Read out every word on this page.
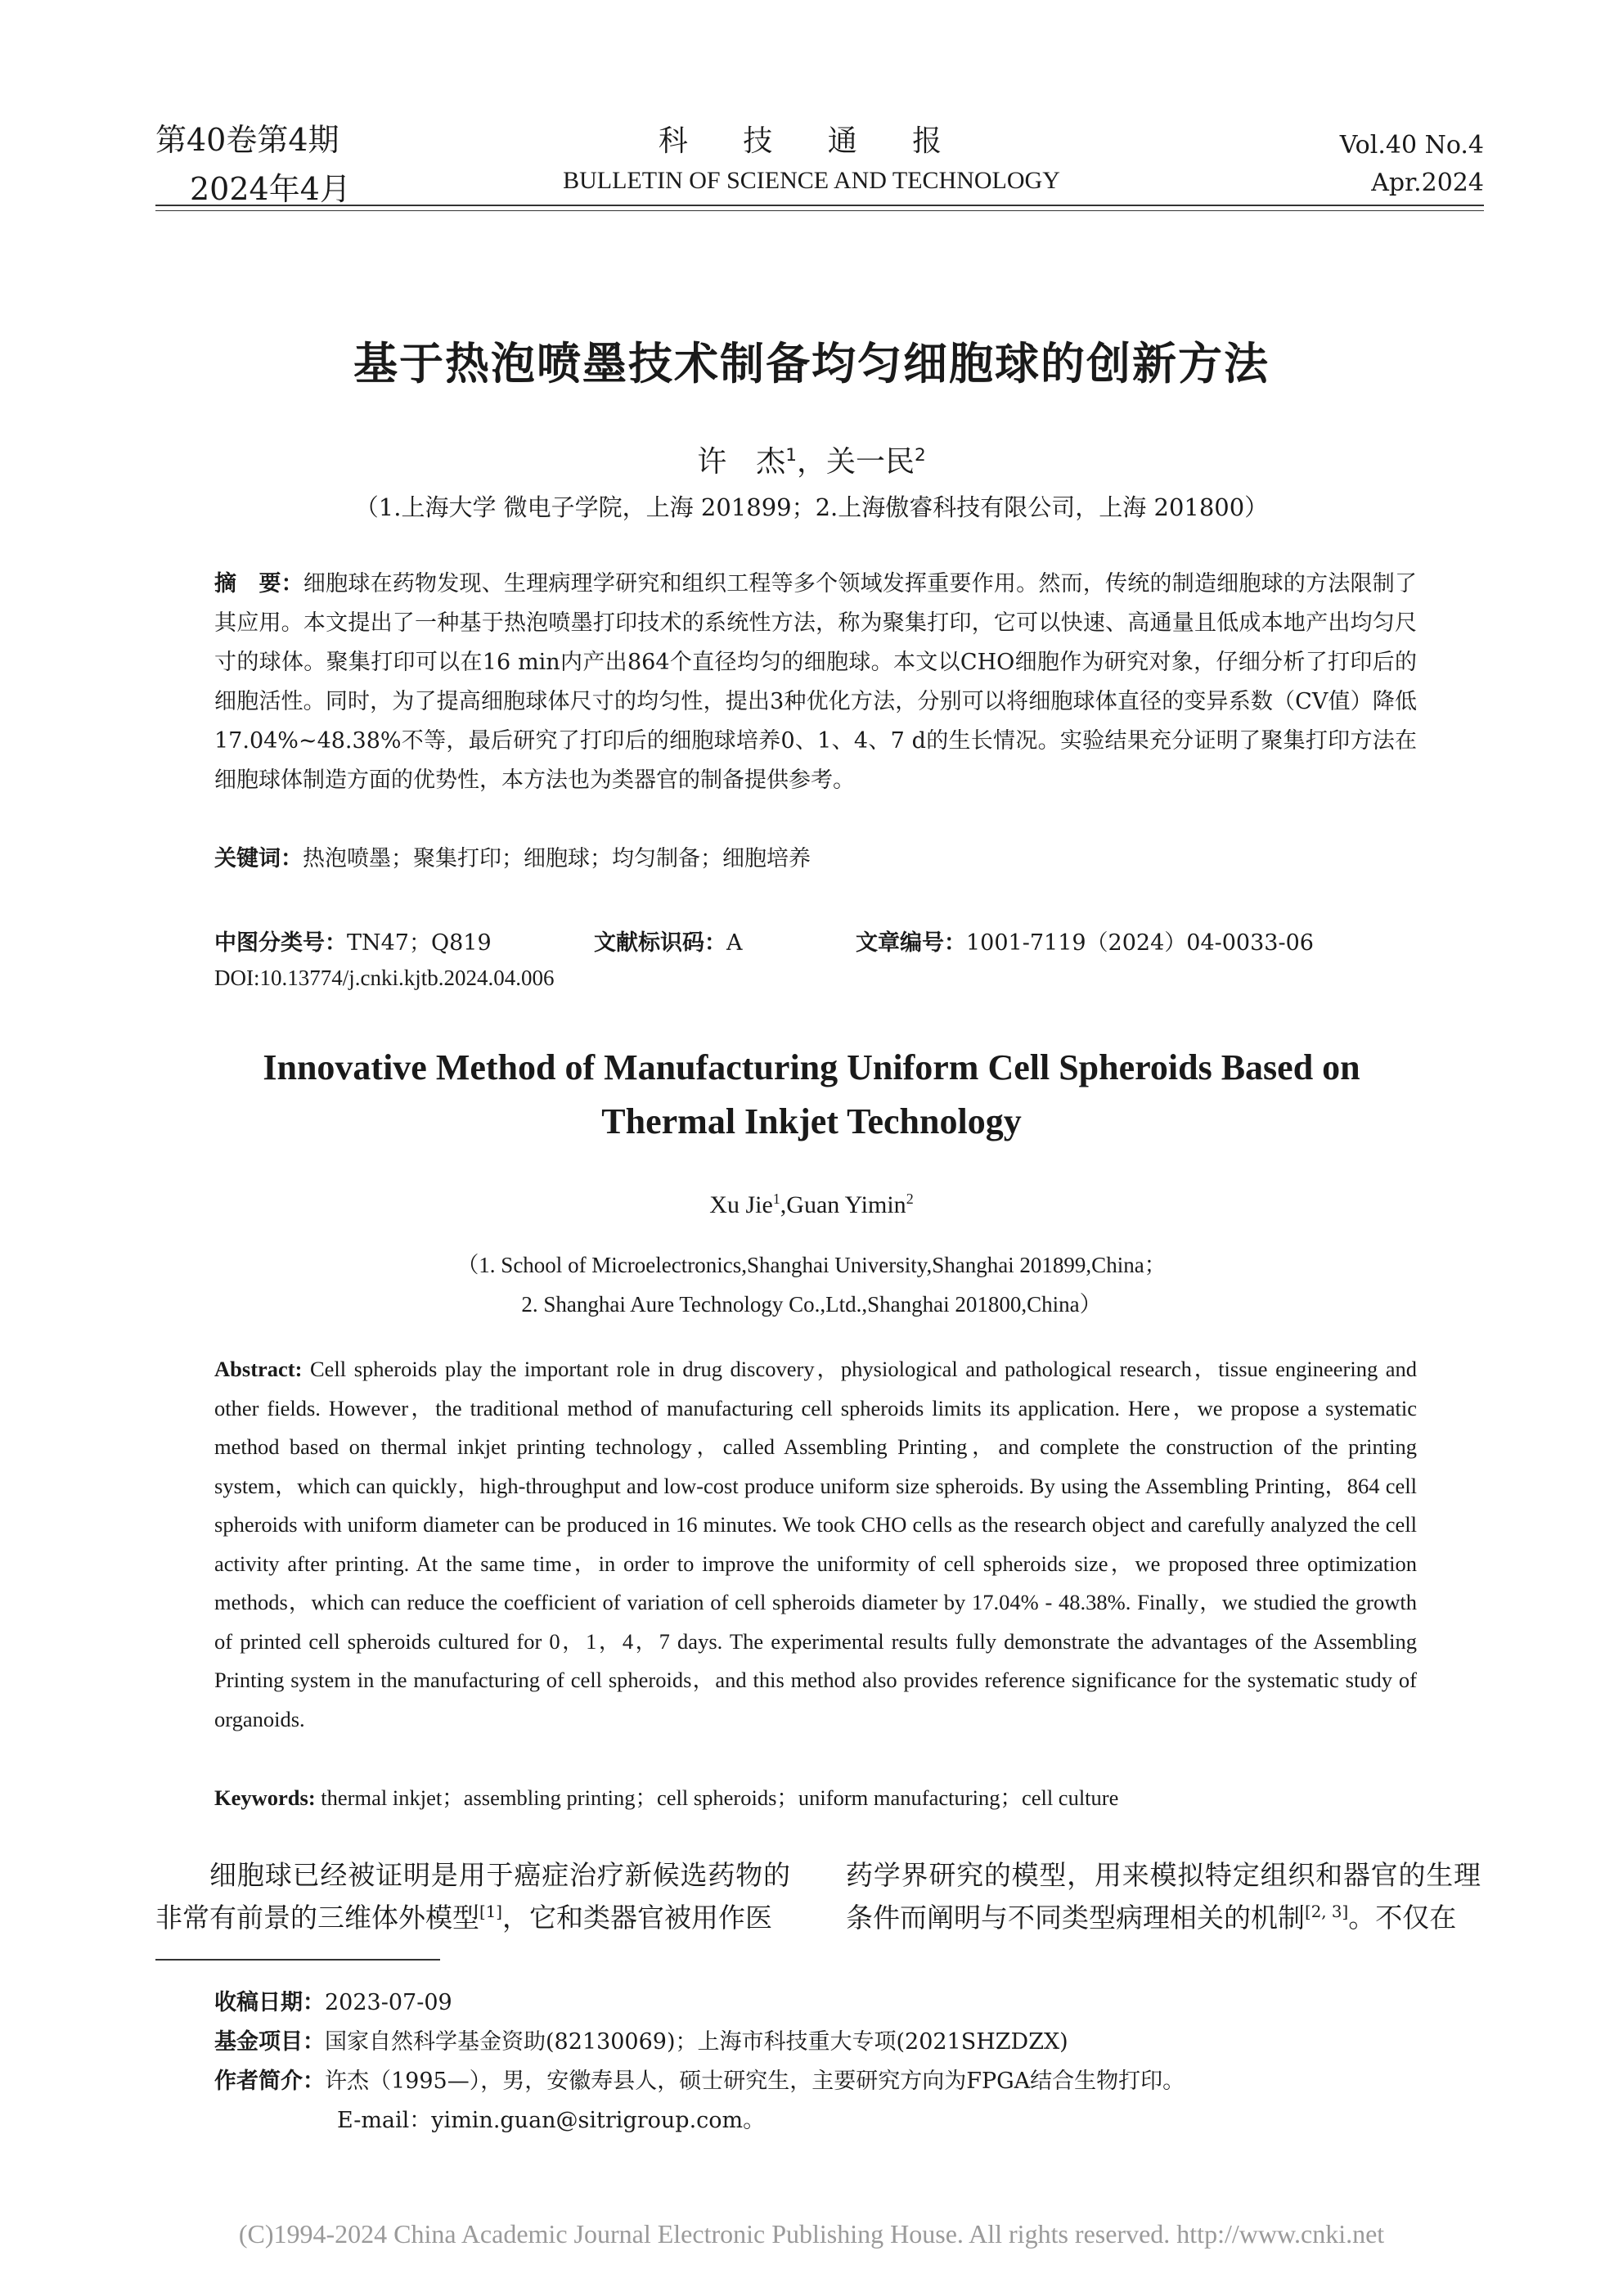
第40卷第4期
2024年4月
科 技 通 报
BULLETIN OF SCIENCE AND TECHNOLOGY
Vol.40 No.4
Apr.2024
基于热泡喷墨技术制备均匀细胞球的创新方法
许　杰$^1$，关一民$^2$
（1.上海大学 微电子学院，上海 201899；2.上海傲睿科技有限公司，上海 201800）
摘　要：细胞球在药物发现、生理病理学研究和组织工程等多个领域发挥重要作用。然而，传统的制造细胞球的方法限制了其应用。本文提出了一种基于热泡喷墨打印技术的系统性方法，称为聚集打印，它可以快速、高通量且低成本地产出均匀尺寸的球体。聚集打印可以在16 min内产出864个直径均匀的细胞球。本文以CHO细胞作为研究对象，仔细分析了打印后的细胞活性。同时，为了提高细胞球体尺寸的均匀性，提出3种优化方法，分别可以将细胞球体直径的变异系数（CV值）降低17.04%~48.38%不等，最后研究了打印后的细胞球培养0、1、4、7 d的生长情况。实验结果充分证明了聚集打印方法在细胞球体制造方面的优势性，本方法也为类器官的制备提供参考。
关键词：热泡喷墨；聚集打印；细胞球；均匀制备；细胞培养
中图分类号：TN47；Q819	文献标识码：A	文章编号：1001-7119（2024）04-0033-06
DOI:10.13774/j.cnki.kjtb.2024.04.006
Innovative Method of Manufacturing Uniform Cell Spheroids Based on
Thermal Inkjet Technology
Xu Jie$^1$,Guan Yimin$^2$
（1. School of Microelectronics,Shanghai University,Shanghai 201899,China；
2. Shanghai Aure Technology Co.,Ltd.,Shanghai 201800,China）
Abstract: Cell spheroids play the important role in drug discovery，physiological and pathological research，tissue engineering and other fields. However，the traditional method of manufacturing cell spheroids limits its application. Here，we propose a systematic method based on thermal inkjet printing technology，called Assembling Printing，and complete the construction of the printing system，which can quickly，high-throughput and low-cost produce uniform size spheroids. By using the Assembling Printing，864 cell spheroids with uniform diameter can be produced in 16 minutes. We took CHO cells as the research object and carefully analyzed the cell activity after printing. At the same time，in order to improve the uniformity of cell spheroids size，we proposed three optimization methods，which can reduce the coefficient of variation of cell spheroids diameter by 17.04% - 48.38%. Finally，we studied the growth of printed cell spheroids cultured for 0，1，4，7 days. The experimental results fully demonstrate the advantages of the Assembling Printing system in the manufacturing of cell spheroids，and this method also provides reference significance for the systematic study of organoids.
Keywords: thermal inkjet；assembling printing；cell spheroids；uniform manufacturing；cell culture
细胞球已经被证明是用于癌症治疗新候选药物的非常有前景的三维体外模型[1]，它和类器官被用作医
药学界研究的模型，用来模拟特定组织和器官的生理条件而阐明与不同类型病理相关的机制[2, 3]。不仅在
收稿日期：2023-07-09
基金项目：国家自然科学基金资助(82130069)；上海市科技重大专项(2021SHZDZX)
作者简介：许杰（1995—），男，安徽寿县人，硕士研究生，主要研究方向为FPGA结合生物打印。
E-mail：yimin.guan@sitrigroup.com。
(C)1994-2024 China Academic Journal Electronic Publishing House. All rights reserved. http://www.cnki.net
